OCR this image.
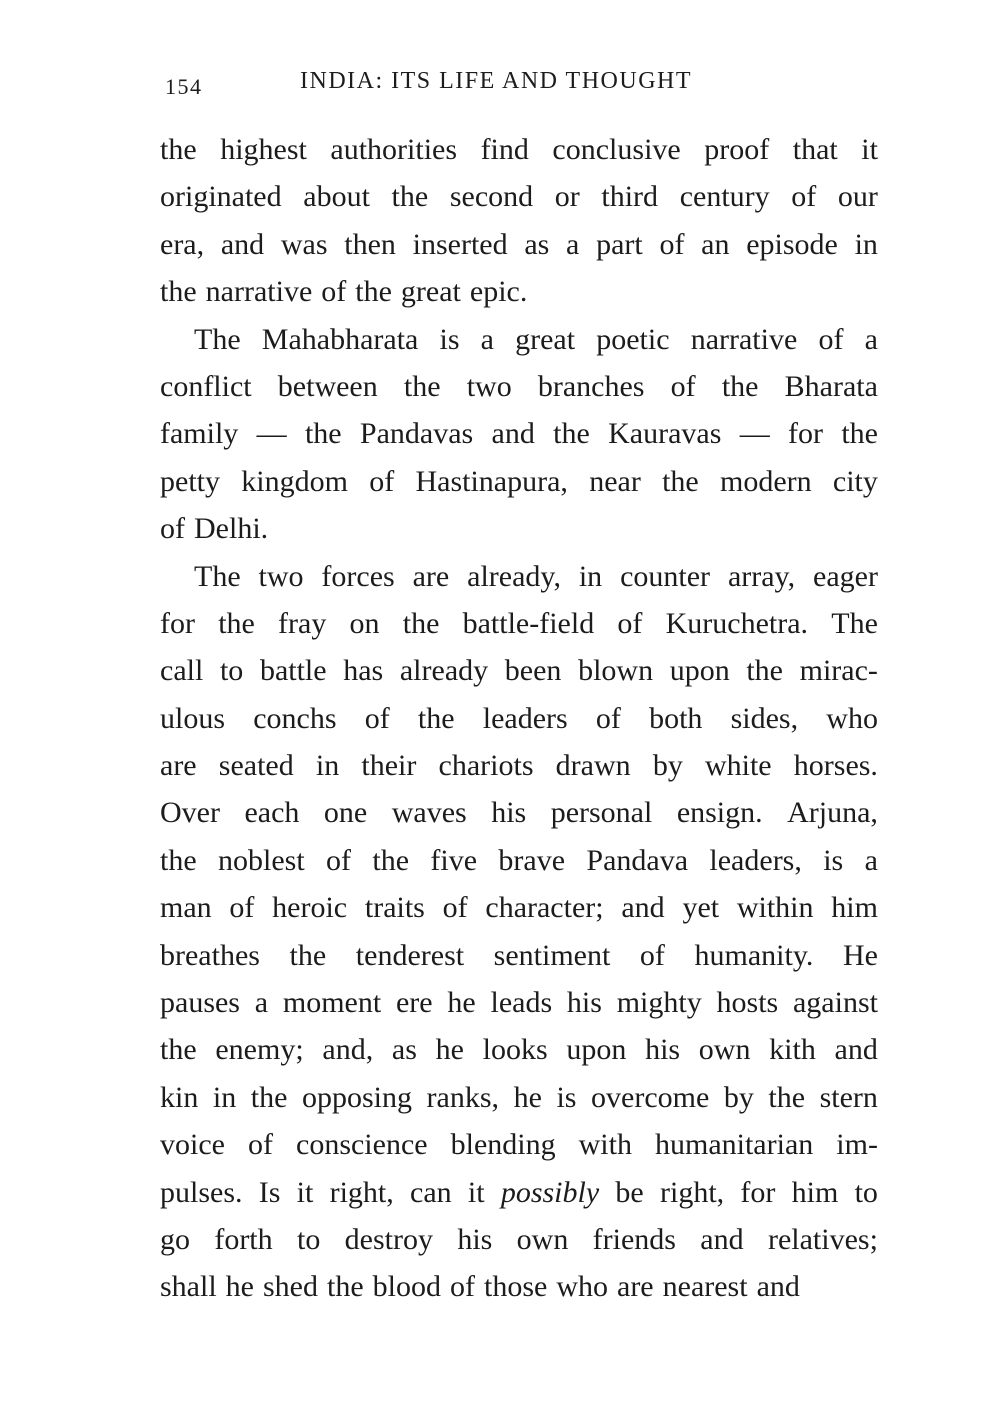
154	INDIA: ITS LIFE AND THOUGHT
the highest authorities find conclusive proof that it
originated about the second or third century of our
era, and was then inserted as a part of an episode in
the narrative of the great epic.
The Mahabharata is a great poetic narrative of a
conflict between the two branches of the Bharata
family — the Pandavas and the Kauravas — for the
petty kingdom of Hastinapura, near the modern city
of Delhi.
The two forces are already, in counter array, eager
for the fray on the battle-field of Kuruchetra. The
call to battle has already been blown upon the mirac-
ulous conchs of the leaders of both sides, who
are seated in their chariots drawn by white horses.
Over each one waves his personal ensign. Arjuna,
the noblest of the five brave Pandava leaders, is a
man of heroic traits of character; and yet within him
breathes the tenderest sentiment of humanity. He
pauses a moment ere he leads his mighty hosts against
the enemy; and, as he looks upon his own kith and
kin in the opposing ranks, he is overcome by the stern
voice of conscience blending with humanitarian im-
pulses. Is it right, can it possibly be right, for him to
go forth to destroy his own friends and relatives;
shall he shed the blood of those who are nearest and
